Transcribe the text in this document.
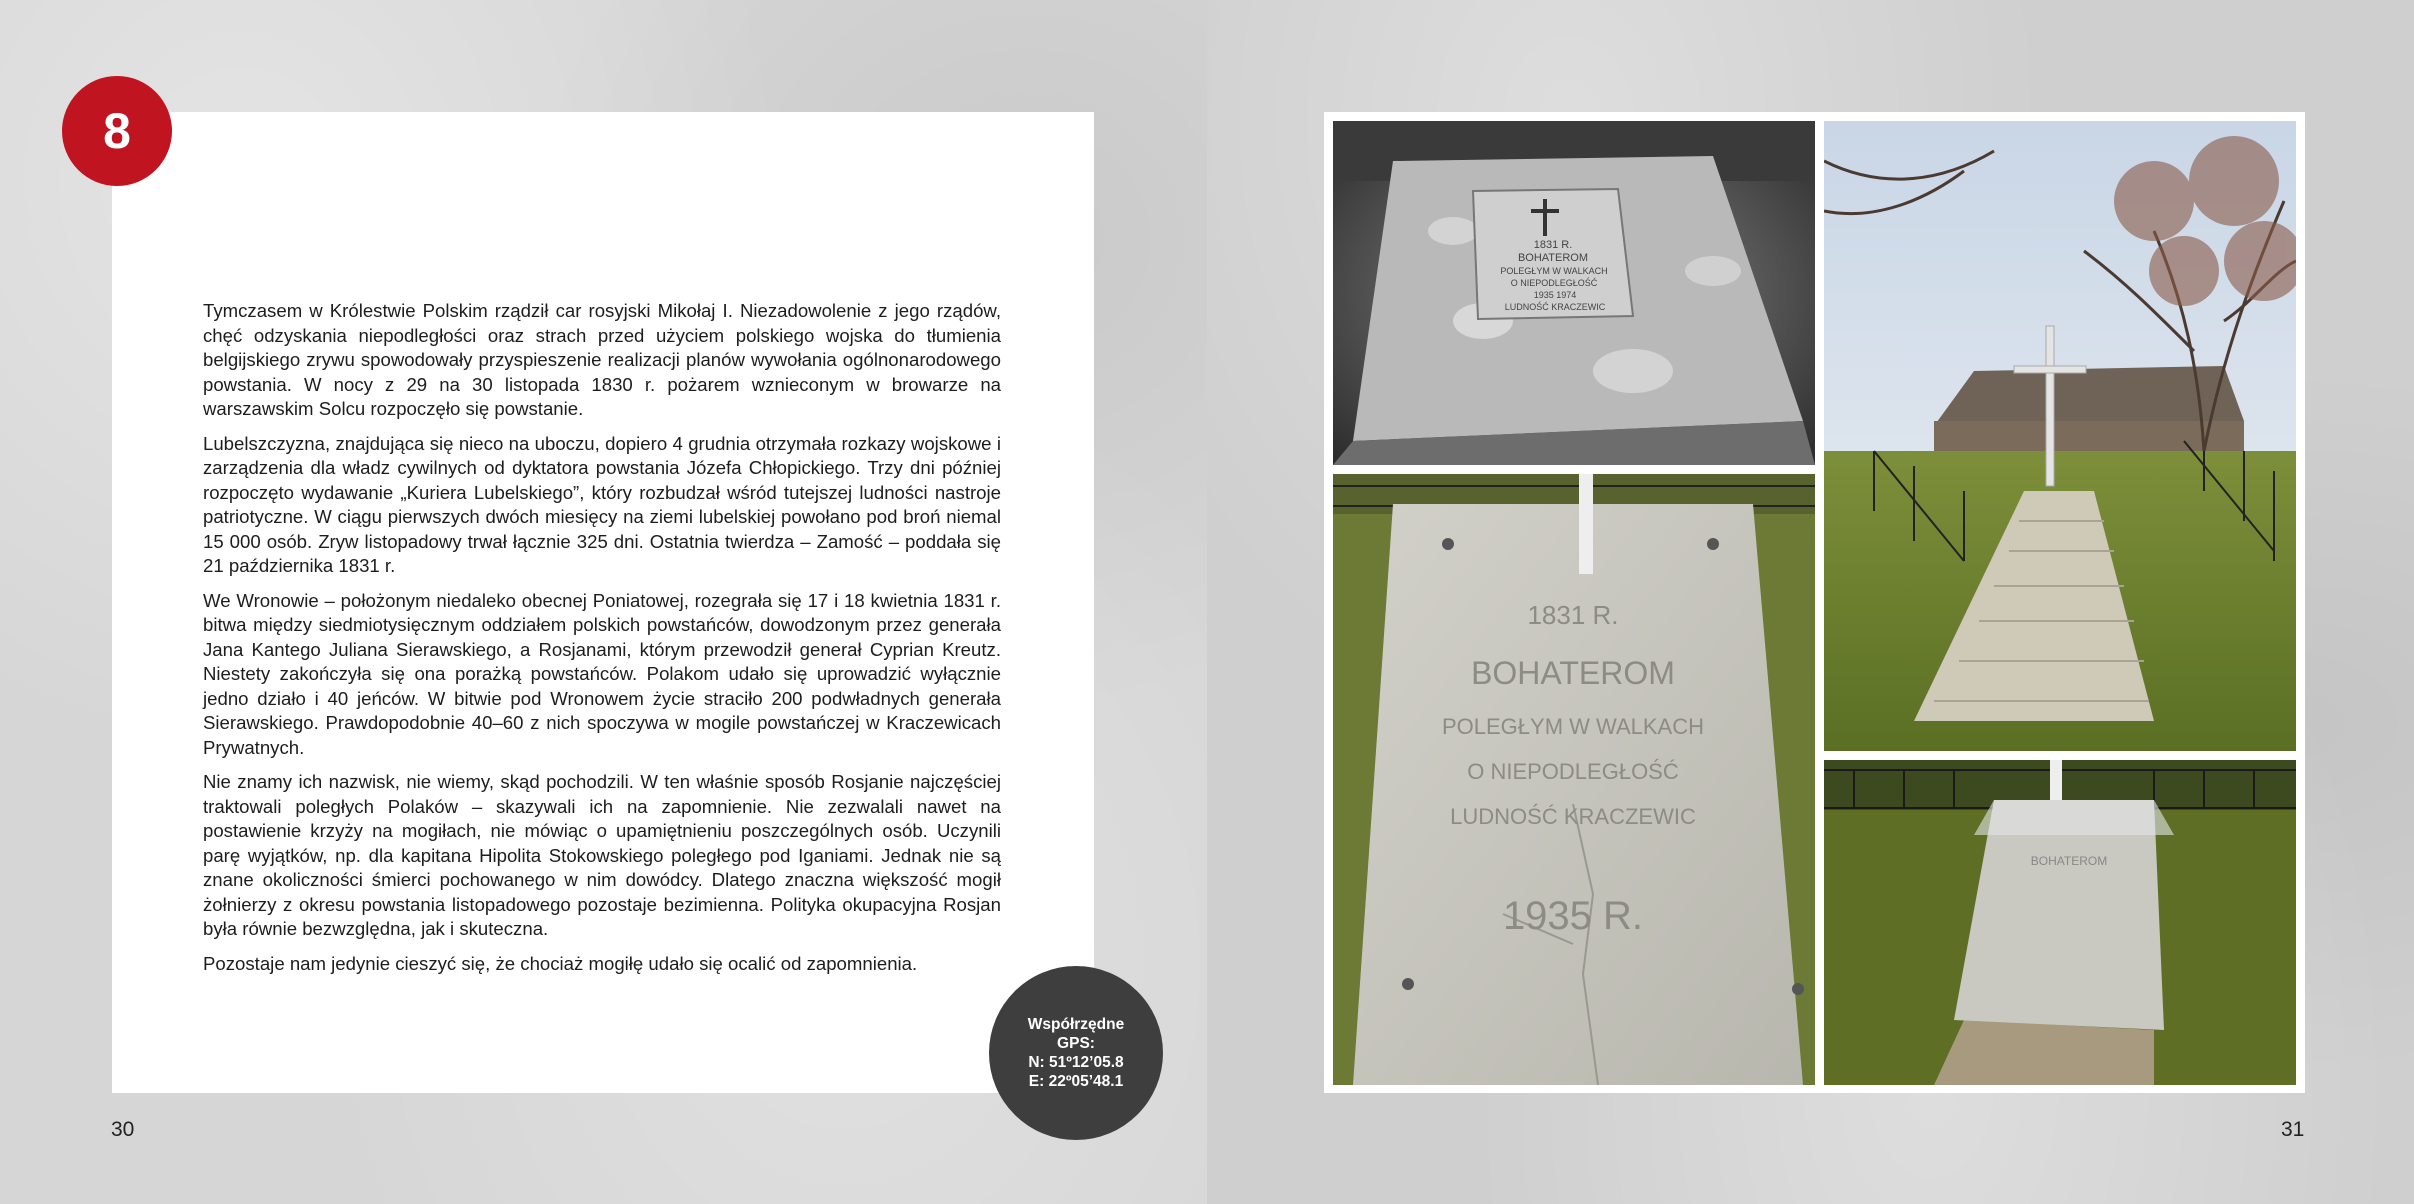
8

Tymczasem w Królestwie Polskim rządził car rosyjski Mikołaj I. Niezadowolenie z jego rządów, chęć odzyskania niepodległości oraz strach przed użyciem polskiego wojska do tłumienia belgijskiego zrywu spowodowały przyspieszenie realizacji planów wywołania ogólnonarodowego powstania. W nocy z 29 na 30 listopada 1830 r. pożarem wznieconym w browarze na warszawskim Solcu rozpoczęło się powstanie.

Lubelszczyzna, znajdująca się nieco na uboczu, dopiero 4 grudnia otrzymała rozkazy wojskowe i zarządzenia dla władz cywilnych od dyktatora powstania Józefa Chłopickiego. Trzy dni później rozpoczęto wydawanie „Kuriera Lubelskiego”, który rozbudzał wśród tutejszej ludności nastroje patriotyczne. W ciągu pierwszych dwóch miesięcy na ziemi lubelskiej powołano pod broń niemal 15 000 osób. Zryw listopadowy trwał łącznie 325 dni. Ostatnia twierdza – Zamość – poddała się 21 października 1831 r.

We Wronowie – położonym niedaleko obecnej Poniatowej, rozegrała się 17 i 18 kwietnia 1831 r. bitwa między siedmiotysięcznym oddziałem polskich powstańców, dowodzonym przez generała Jana Kantego Juliana Sierawskiego, a Rosjanami, którym przewodził generał Cyprian Kreutz. Niestety zakończyła się ona porażką powstańców. Polakom udało się uprowadzić wyłącznie jedno działo i 40 jeńców. W bitwie pod Wronowem życie straciło 200 podwładnych generała Sierawskiego. Prawdopodobnie 40–60 z nich spoczywa w mogile powstańczej w Kraczewicach Prywatnych.

Nie znamy ich nazwisk, nie wiemy, skąd pochodzili. W ten właśnie sposób Rosjanie najczęściej traktowali poległych Polaków – skazywali ich na zapomnienie. Nie zezwalali nawet na postawienie krzyży na mogiłach, nie mówiąc o upamiętnieniu poszczególnych osób. Uczynili parę wyjątków, np. dla kapitana Hipolita Stokowskiego poległego pod Iganiami. Jednak nie są znane okoliczności śmierci pochowanego w nim dowódcy. Dlatego znaczna większość mogił żołnierzy z okresu powstania listopadowego pozostaje bezimienna. Polityka okupacyjna Rosjan była równie bezwzględna, jak i skuteczna.

Pozostaje nam jedynie cieszyć się, że chociaż mogiłę udało się ocalić od zapomnienia.

30	31
Współrzędne GPS:
N: 51º12’05.8
E: 22º05’48.1
1831 R.
BOHATEROM
POLEGŁYM W WALKACH
O NIEPODLEGŁOŚĆ
1935 1974
LUDNOŚĆ KRACZEWIC
1831 R.
BOHATEROM
POLEGŁYM W WALKACH
O NIEPODLEGŁOŚĆ
LUDNOŚĆ KRACZEWIC
1935 R.
BOHATEROM
